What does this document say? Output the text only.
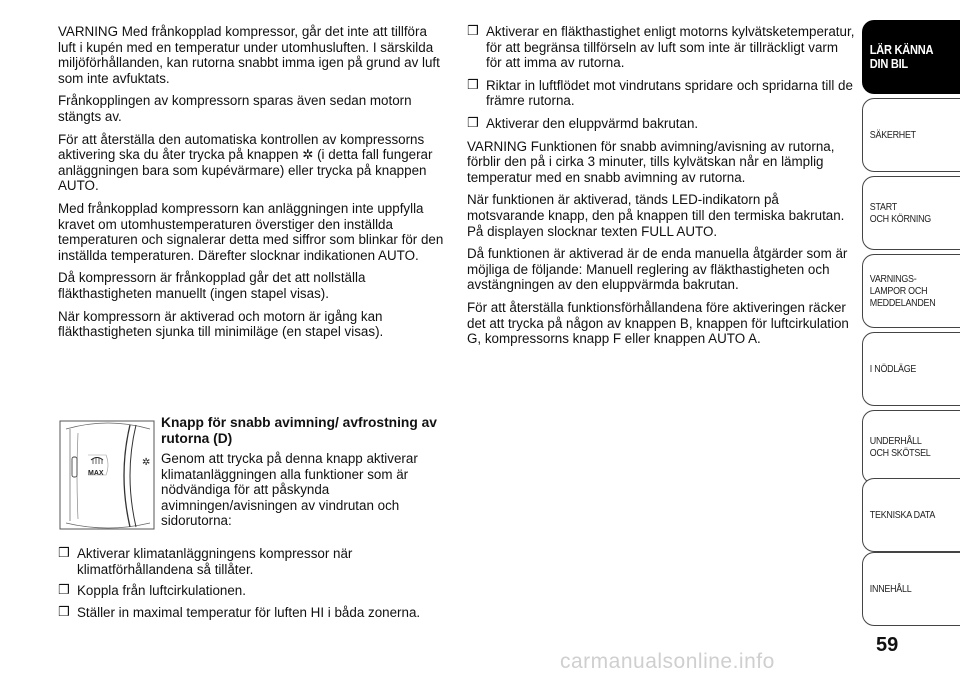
VARNING Med frånkopplad kompressor, går det inte att tillföra luft i kupén med en temperatur under utomhusluften. I särskilda miljöförhållanden, kan rutorna snabbt imma igen på grund av luft som inte avfuktats.

Frånkopplingen av kompressorn sparas även sedan motorn stängts av.

För att återställa den automatiska kontrollen av kompressorns aktivering ska du åter trycka på knappen ✲ (i detta fall fungerar anläggningen bara som kupévärmare) eller trycka på knappen AUTO.

Med frånkopplad kompressorn kan anläggningen inte uppfylla kravet om utomhustemperaturen överstiger den inställda temperaturen och signalerar detta med siffror som blinkar för den inställda temperaturen. Därefter slocknar indikationen AUTO.

Då kompressorn är frånkopplad går det att nollställa fläkthastigheten manuellt (ingen stapel visas).

När kompressorn är aktiverad och motorn är igång kan fläkthastigheten sjunka till minimiläge (en stapel visas).

MAX
✲

Knapp för snabb avimning/ avfrostning av rutorna (D)

Genom att trycka på denna knapp aktiverar klimatanläggningen alla funktioner som är nödvändiga för att påskynda avimningen/avisningen av vindrutan och sidorutorna:

❒ Aktiverar klimatanläggningens kompressor när klimatförhållandena så tillåter.
❒ Koppla från luftcirkulationen.
❒ Ställer in maximal temperatur för luften HI i båda zonerna.
❒ Aktiverar en fläkthastighet enligt motorns kylvätsketemperatur, för att begränsa tillförseln av luft som inte är tillräckligt varm för att imma av rutorna.
❒ Riktar in luftflödet mot vindrutans spridare och spridarna till de främre rutorna.
❒ Aktiverar den eluppvärmd bakrutan.

VARNING Funktionen för snabb avimning/avisning av rutorna, förblir den på i cirka 3 minuter, tills kylvätskan når en lämplig temperatur med en snabb avimning av rutorna.

När funktionen är aktiverad, tänds LED-indikatorn på motsvarande knapp, den på knappen till den termiska bakrutan. På displayen slocknar texten FULL AUTO.

Då funktionen är aktiverad är de enda manuella åtgärder som är möjliga de följande: Manuell reglering av fläkthastigheten och avstängningen av den eluppvärmda bakrutan.

För att återställa funktionsförhållandena före aktiveringen räcker det att trycka på någon av knappen B, knappen för luftcirkulation G, kompressorns knapp F eller knappen AUTO A.

LÄR KÄNNA
DIN BIL
SÄKERHET
START
OCH KÖRNING
VARNINGS-
LAMPOR OCH
MEDDELANDEN
I NÖDLÄGE
UNDERHÅLL
OCH SKÖTSEL
TEKNISKA DATA
INNEHÅLL
59
carmanualsonline.info
